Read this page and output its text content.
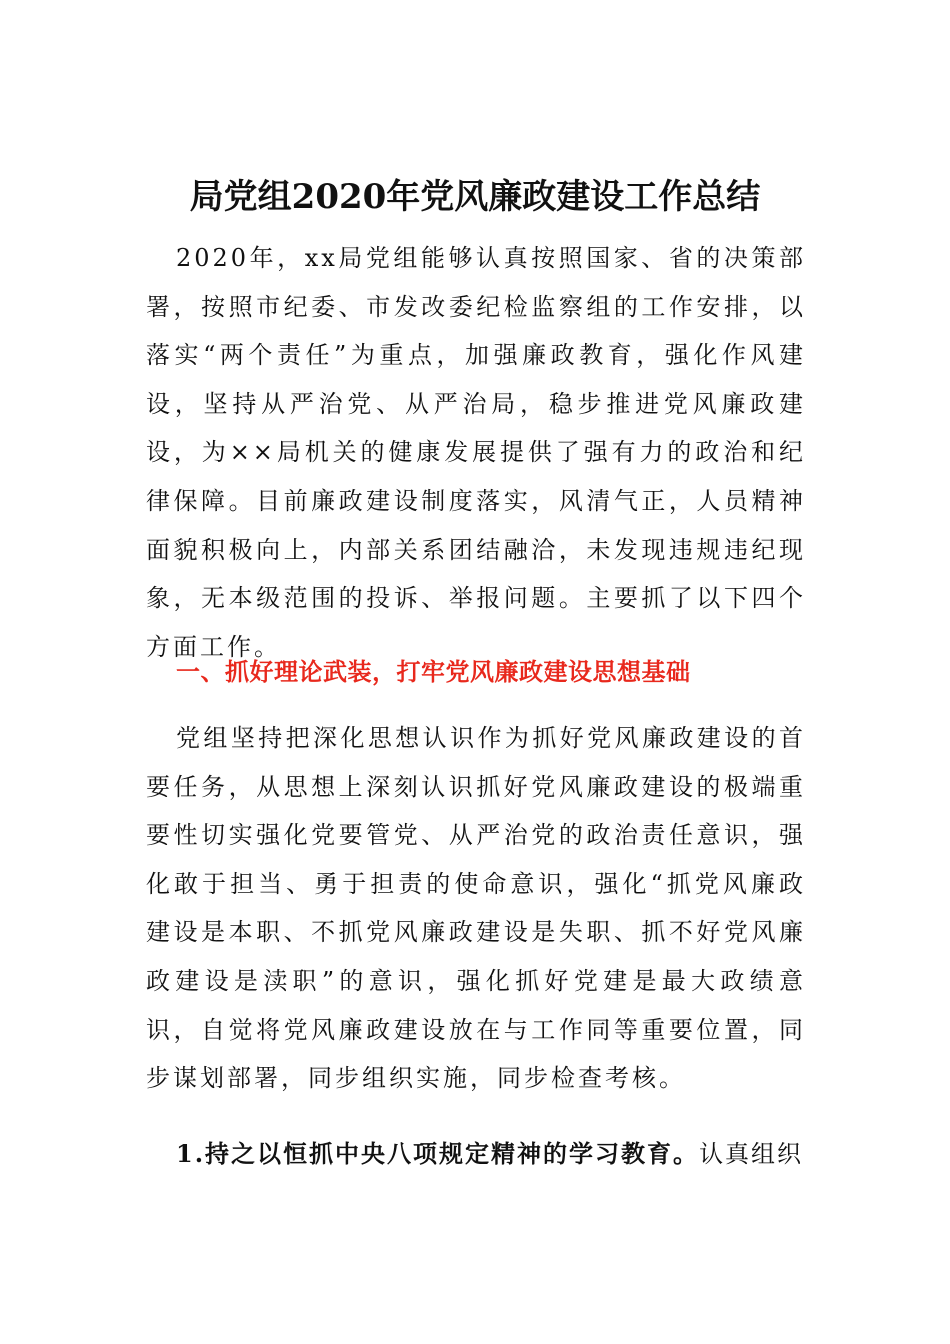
局党组2020年党风廉政建设工作总结

2020年，xx局党组能够认真按照国家、省的决策部署，按照市纪委、市发改委纪检监察组的工作安排，以落实“两个责任”为重点，加强廉政教育，强化作风建设，坚持从严治党、从严治局，稳步推进党风廉政建设，为××局机关的健康发展提供了强有力的政治和纪律保障。目前廉政建设制度落实，风清气正，人员精神面貌积极向上，内部关系团结融洽，未发现违规违纪现象，无本级范围的投诉、举报问题。主要抓了以下四个方面工作。

一、抓好理论武装，打牢党风廉政建设思想基础

党组坚持把深化思想认识作为抓好党风廉政建设的首要任务，从思想上深刻认识抓好党风廉政建设的极端重要性切实强化党要管党、从严治党的政治责任意识，强化敢于担当、勇于担责的使命意识，强化“抓党风廉政建设是本职、不抓党风廉政建设是失职、抓不好党风廉政建设是渎职”的意识，强化抓好党建是最大政绩意识，自觉将党风廉政建设放在与工作同等重要位置，同步谋划部署，同步组织实施，同步检查考核。

1.持之以恒抓中央八项规定精神的学习教育。认真组织
